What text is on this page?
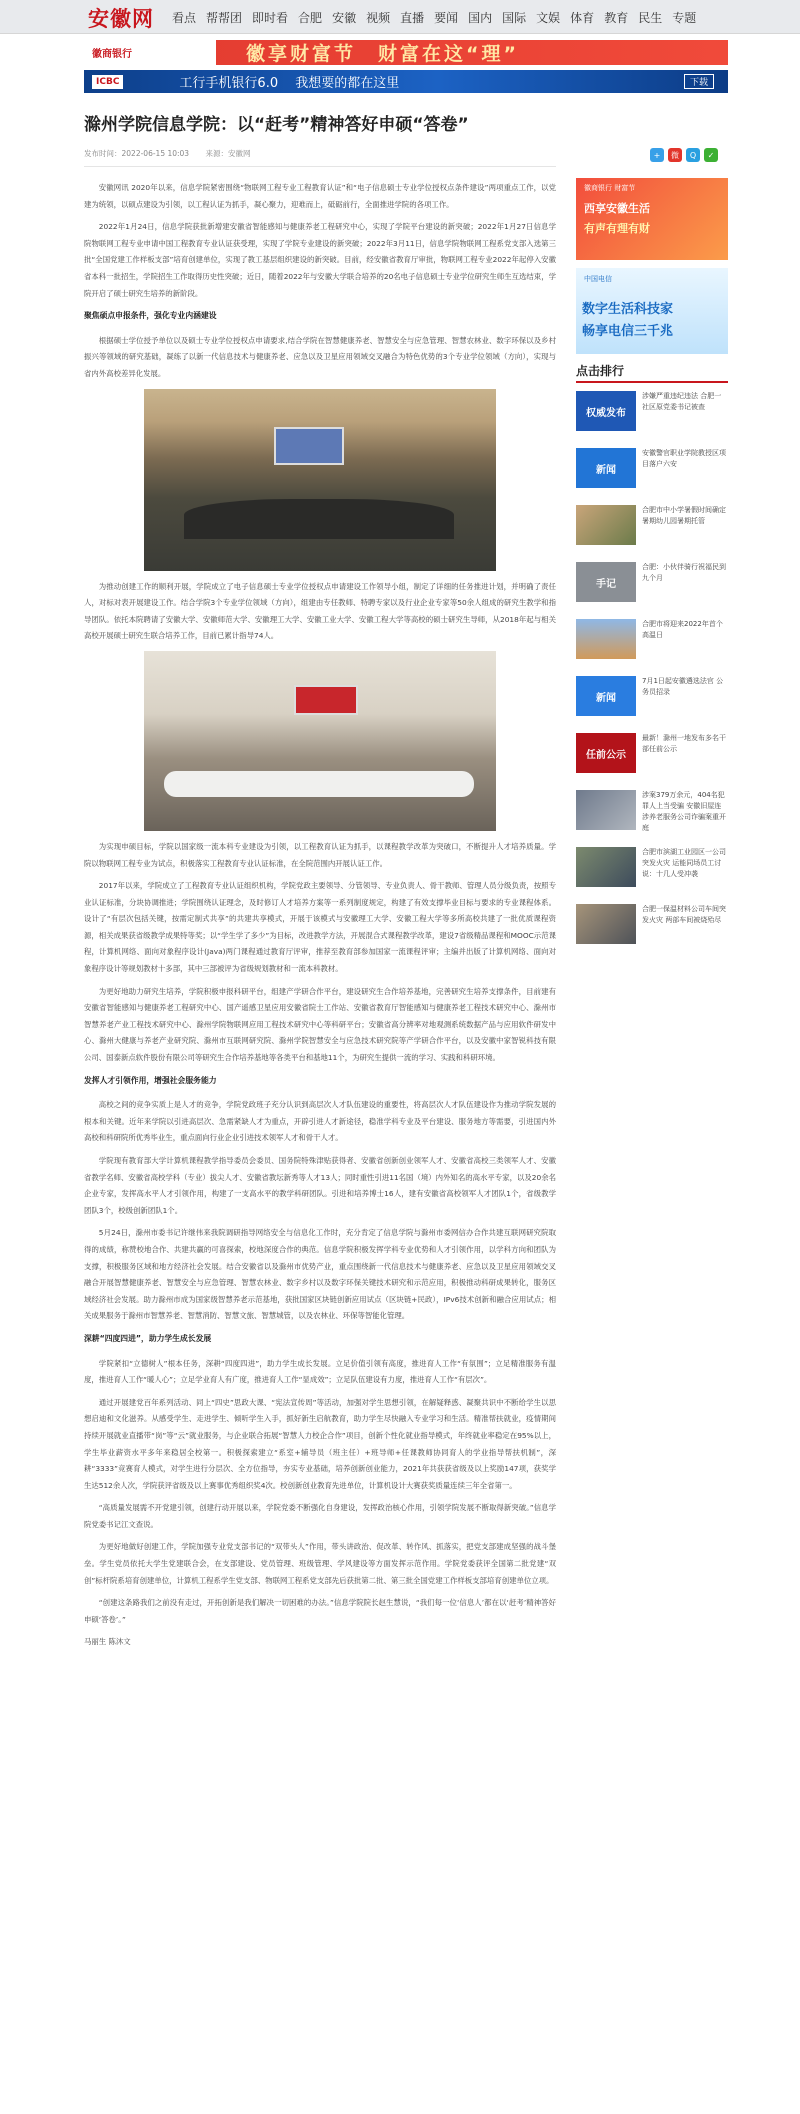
安徽网 看点 帮帮团 即时看 合肥 安徽 视频 直播 要闻 国内 国际 文娱 体育 教育 民生 专题
徽商银行	徽享财富节　财富在这“理”
ICBC	工行手机银行6.0　 我想要的都在这里	下载
滁州学院信息学院：以“赶考”精神答好申硕“答卷”
发布时间：2022-06-15 10:03 来源：安徽网	+	微	Q	✓

安徽网讯 2020年以来，信息学院紧密围绕“物联网工程专业工程教育认证”和“电子信息硕士专业学位授权点条件建设”两项重点工作，以党建为统领，以硕点建设为引领，以工程认证为抓手，凝心聚力，迎难而上，砥砺前行，全面推进学院的各项工作。

2022年1月24日，信息学院获批新增建安徽省智能感知与健康养老工程研究中心，实现了学院平台建设的新突破；2022年1月27日信息学院物联网工程专业申请中国工程教育专业认证获受理，实现了学院专业建设的新突破；2022年3月11日，信息学院物联网工程系党支部入选第三批“全国党建工作样板支部”培育创建单位，实现了教工基层组织建设的新突破。目前，经安徽省教育厅审批，物联网工程专业2022年起停入安徽省本科一批招生，学院招生工作取得历史性突破；近日，随着2022年与安徽大学联合培养的20名电子信息硕士专业学位研究生师生互选结束，学院开启了硕士研究生培养的新阶段。

聚焦硕点申报条件，强化专业内涵建设

根据硕士学位授予单位以及硕士专业学位授权点申请要求,结合学院在智慧健康养老、智慧安全与应急管理、智慧农林业、数字环保以及乡村振兴等领域的研究基础，凝练了以新一代信息技术与健康养老、应急以及卫星应用领域交叉融合为特色优势的3个专业学位领域（方向），实现与省内外高校差异化发展。

为推动创建工作的顺利开展，学院成立了电子信息硕士专业学位授权点申请建设工作领导小组，制定了详细的任务推进计划，并明确了责任人，对标对表开展建设工作。结合学院3个专业学位领域（方向），组建由专任教师、特聘专家以及行业企业专家等50余人组成的研究生教学和指导团队。依托本院聘请了安徽大学、安徽师范大学、安徽理工大学、安徽工业大学、安徽工程大学等高校的硕士研究生导师，从2018年起与相关高校开展硕士研究生联合培养工作，目前已累计指导74人。

为实现申硕目标，学院以国家级一流本科专业建设为引领，以工程教育认证为抓手，以课程教学改革为突破口，不断提升人才培养质量。学院以物联网工程专业为试点，积极落实工程教育专业认证标准，在全院范围内开展认证工作。

2017年以来，学院成立了工程教育专业认证组织机构，学院党政主要领导、分管领导、专业负责人、骨干教师、管理人员分级负责，按照专业认证标准，分块协调推进；学院围绕认证理念，及时修订人才培养方案等一系列制度规定，构建了有效支撑毕业目标与要求的专业课程体系。设计了“有层次包括关键，按需定制式共享”的共建共享模式，开展于该模式与安徽理工大学、安徽工程大学等多所高校共建了一批优质课程资源，相关成果获省级教学成果特等奖；以“学生学了多少”为目标，改进教学方法，开展混合式课程教学改革，建设7省级精品课程和MOOC示范课程，计算机网络、面向对象程序设计(Java)两门课程通过教育厅评审，推荐至教育部参加国家一流课程评审；主编并出版了计算机网络、面向对象程序设计等规划教材十多部，其中三部被评为省级规划教材和一流本科教材。

为更好地助力研究生培养，学院积极申报科研平台，组建产学研合作平台，建设研究生合作培养基地，完善研究生培养支撑条件，目前建有安徽省智能感知与健康养老工程研究中心、国产遥感卫星应用安徽省院士工作站、安徽省教育厅智能感知与健康养老工程技术研究中心、滁州市智慧养老产业工程技术研究中心、滁州学院物联网应用工程技术研究中心等科研平台；安徽省高分辨率对地观测系统数据产品与应用软件研发中心、滁州大健康与养老产业研究院、滁州市互联网研究院、滁州学院智慧安全与应急技术研究院等产学研合作平台，以及安徽中家智锐科技有限公司、国泰新点软件股份有限公司等研究生合作培养基地等各类平台和基地11个，为研究生提供一流的学习、实践和科研环境。

发挥人才引领作用，增强社会服务能力

高校之间的竞争实质上是人才的竞争，学院党政班子充分认识到高层次人才队伍建设的重要性，将高层次人才队伍建设作为推动学院发展的根本和关键。近年来学院以引进高层次、急需紧缺人才为重点，开辟引进人才新途径，稳准学科专业及平台建设、服务地方等需要，引进国内外高校和科研院所优秀毕业生，重点面向行业企业引进技术领军人才和骨干人才。

学院现有教育部大学计算机课程教学指导委员会委员、国务院特殊津贴获得者、安徽省创新创业领军人才、安徽省高校三类领军人才、安徽省教学名师、安徽省高校学科（专业）拔尖人才、安徽省教坛新秀等人才13人；同时重性引进11名国（境）内外知名的高水平专家，以及20余名企业专家，发挥高水平人才引领作用，构建了一支高水平的教学科研团队。引进和培养博士16人，建有安徽省高校领军人才团队1个，省级教学团队3个，校级创新团队1个。

5月24日，滁州市委书记许继伟来我院调研指导网络安全与信息化工作时，充分肯定了信息学院与滁州市委网信办合作共建互联网研究院取得的成绩，称赞校地合作、共建共赢的可喜探索，校地深度合作的典范。信息学院积极发挥学科专业优势和人才引领作用，以学科方向和团队为支撑，积极服务区域和地方经济社会发展。结合安徽省以及滁州市优势产业，重点围绕新一代信息技术与健康养老、应急以及卫星应用领域交叉融合开展智慧健康养老、智慧安全与应急管理、智慧农林业、数字乡村以及数字环保关键技术研究和示范应用，积极推动科研成果转化，服务区域经济社会发展。助力滁州市成为国家级智慧养老示范基地，获批国家区块链创新应用试点（区块链+民政），IPv6技术创新和融合应用试点；相关成果服务于滁州市智慧养老、智慧消防、智慧文旅、智慧城管，以及农林业、环保等智能化管理。

深耕“四度四进”，助力学生成长发展

学院紧扣“立德树人”根本任务，深耕“四度四进”，助力学生成长发展。立足价值引领有高度，推进育人工作“有氛围”；立足精准服务有温度，推进育人工作“暖人心”；立足学业育人有广度，推进育人工作“显成效”；立足队伍建设有力度，推进育人工作“有层次”。

通过开展建党百年系列活动、同上“四史”思政大课、“宪法宣传周”等活动，加强对学生思想引领，在解疑释惑、凝聚共识中不断给学生以思想启迪和文化滋养。从感受学生、走进学生、倾听学生入手，抓好新生启航教育，助力学生尽快融入专业学习和生活。精准帮扶就业，疫情期间持续开展就业直播带“岗”等“云”就业服务，与企业联合拓展“智慧人力校企合作”项目，创新个性化就业指导模式，年终就业率稳定在95%以上，学生毕业薪资水平多年来稳居全校第一。积极探索建立“系室+辅导员（班主任）+班导师+任课教师协同育人的学业指导帮扶机制”，深耕“3333”竞赛育人模式，对学生进行分层次、全方位指导，夯实专业基础，培养创新创业能力，2021年共获获省级及以上奖励147项，获奖学生达512余人次，学院获评省级及以上赛事优秀组织奖4次。校创新创业教育先进单位，计算机设计大赛获奖质量连续三年全省第一。

“高质量发展需不开党建引领，创建行动开展以来，学院党委不断强化自身建设，发挥政治核心作用，引领学院发展不断取得新突破。”信息学院党委书记江文查说。

为更好地做好创建工作，学院加强专业党支部书记的“双带头人”作用，带头讲政治、促改革、转作风、抓落实，把党支部建成坚强的战斗堡垒。学生党员依托大学生党建联合会，在支部建设、党员管理、班级管理、学风建设等方面发挥示范作用。学院党委获评全国第二批党建“双创”标杆院系培育创建单位，计算机工程系学生党支部、物联网工程系党支部先后获批第二批、第三批全国党建工作样板支部培育创建单位立项。

“创建这条路我们之前没有走过，开拓创新是我们解决一切困难的办法。”信息学院院长赵生慧说，“我们每一位‘信息人’都在以‘赶考’精神答好申硕‘答卷’。”

马丽生 陈沐文

徽商银行 财富节
西享安徽生活
有声有理有财
中国电信
数字生活科技家
畅享电信三千兆
点击排行
权威发布
涉嫌严重违纪违法 合肥一社区原党委书记被查
新闻
安徽警官职业学院教授区项目落户六安
合肥市中小学暑假时间确定 暑期幼儿园暑期托管
手记
合肥：小伙伴骑行祝福民到九个月
合肥市将迎来2022年首个高温日
新闻
7月1日起安徽遴选法官 公务员招录
任前公示
最新！滁州一地发布多名干部任前公示
涉案379万余元，404名犯罪人上当受骗 安徽旧屋连涉养老服务公司诈骗案重开庭
合肥市滨湖工业园区一公司突发火灾 运能同场员工讨说：十几人受冲袭
合肥一保温材料公司车间突发火灾 两部车间被烧殆尽
